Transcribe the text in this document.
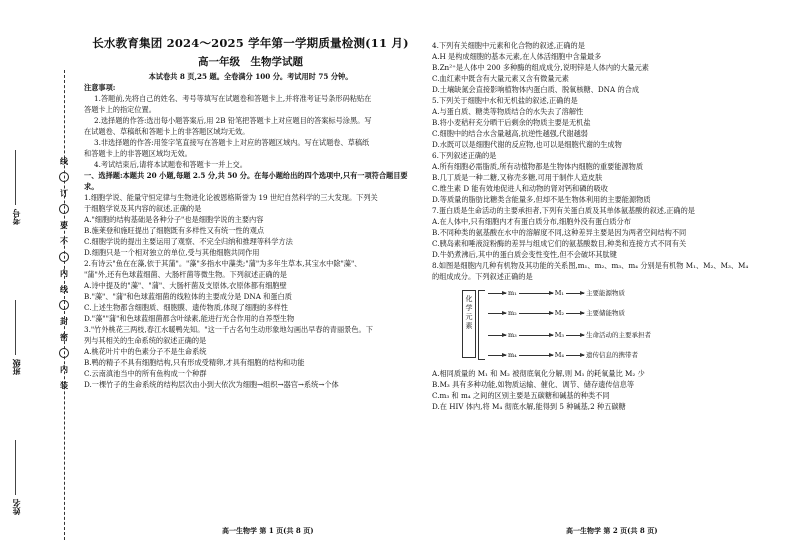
考号
班级
姓名
线
订
要
不
内
线
封
密
内
装
长水教育集团 2024～2025 学年第一学期质量检测(11 月)
高一年级　生物学试题
本试卷共 8 页,25 题。全卷满分 100 分。考试用时 75 分钟。

注意事项:

1.答题前,先将自己的姓名、考号等填写在试题卷和答题卡上,并将准考证号条形码粘贴在

答题卡上的指定位置。

2.选择题的作答:选出每小题答案后,用 2B 铅笔把答题卡上对应题目的答案标号涂黑。写

在试题卷、草稿纸和答题卡上的非答题区域均无效。

3.非选择题的作答:用签字笔直接写在答题卡上对应的答题区域内。写在试题卷、草稿纸

和答题卡上的非答题区域均无效。

4.考试结束后,请将本试题卷和答题卡一并上交。

一、选择题:本题共 20 小题,每题 2.5 分,共 50 分。在每小题给出的四个选项中,只有一项符合题目要求。

1.细胞学说、能量守恒定律与生物进化论被恩格斯誉为 19 世纪自然科学的三大发现。下列关

于细胞学说及其内容的叙述,正确的是

A."细胞的结构基础是各种分子"也是细胞学说的主要内容

B.施莱登和施旺提出了细胞既有多样性又有统一性的观点

C.细胞学说的提出主要运用了观察、不完全归纳和推理等科学方法

D.细胞只是一个相对独立的单位,受与其他细胞共同作用

2.有诗云"鱼在在藻,依于其蒲"。"藻"多指水中藻类;"蒲"为多年生草本,其宝水中除"藻"、

"蒲"外,还有色球蓝细菌、大肠杆菌等微生物。下列叙述正确的是

A.诗中提及的"藻"、"蒲"、大肠杆菌及支原体,衣原体都有细胞壁

B."藻"、"蒲"和色球蓝细菌的线粒体的主要成分是 DNA 和蛋白质

C.上述生物都含细胞质、细胞膜、遗传物质,体现了细胞的多样性

D."藻""蒲"和色球蓝细菌都含叶绿素,能进行光合作用的自养型生物

3."竹外桃花三两枝,春江水暖鸭先知。"这一千古名句生动形象地勾画出早春的青丽景色。下

列与其相关的生命系统的叙述正确的是

A.桃花叶片中的色素分子不是生命系统

B.鸭的精子不具有细胞结构,只有形成受精卵,才具有细胞的结构和功能

C.云南滇池当中的所有鱼构成一个种群

D.一棵竹子的生命系统的结构层次由小到大依次为细胞→组织→器官→系统→个体

4.下列有关细胞中元素和化合物的叙述,正确的是

A.H 是构成细胞的基本元素,在人体活细胞中含量最多

B.Zn²⁺是人体中 200 多种酶的组成成分,说明锌是人体内的大量元素

C.血红素中既含有大量元素又含有微量元素

D.土壤缺氮会直接影响植物体内蛋白质、脱氧核糖、DNA 的合成

5.下列关于细胞中水和无机盐的叙述,正确的是

A.与蛋白质、糖类等物质结合的水失去了溶解性

B.将小麦秸秆充分晒干后剩余的物质主要是无机盐

C.细胞中的结合水含量越高,抗逆性越强,代谢越弱

D.水既可以是细胞代谢的反应物,也可以是细胞代谢的生成物

6.下列叙述正确的是

A.所有细胞必需脂质,所有动植物都是生物体内细胞的重要能源物质

B.几丁质是一种二糖,又称壳多糖,可用于制作人造皮肤

C.维生素 D 能有效地促进人和动物的肾对钙和磷的吸收

D.等质量的脂肪比糖类含能量多,但却不是生物体利用的主要能源物质

7.蛋白质是生命活动的主要承担者,下列有关蛋白质及其单体氨基酸的叙述,正确的是

A.在人体中,只有细胞内才有蛋白质分布,细胞外没有蛋白质分布

B.不同种类的氨基酸在水中的溶解度不同,这种差异主要是因为两者空间结构不同

C.胰岛素和唾液淀粉酶的差异与组成它们的氨基酸数目,种类和连接方式不同有关

D.牛奶煮沸后,其中的蛋白质会变性变性,但不会破坏其肽键

8.如图是细胞内几种有机物及其功能的关系图,m₁、m₂、m₃、m₄ 分别是有机物 M₁、M₂、M₃、M₄

的组成成分。下列叙述正确的是

化学元素
m₁	M₁	主要能源物质
m₂	M₂	主要储能物质
m₃	M₃	生命活动的主要承担者
m₄	M₄	遗传信息的携带者

A.相同质量的 M₁ 和 M₂ 被彻底氧化分解,则 M₁ 的耗氧量比 M₂ 少

B.M₃ 具有多种功能,如物质运输、催化、调节、储存遗传信息等

C.m₃ 和 m₄ 之间的区别主要是五碳糖和碱基的种类不同

D.在 HIV 体内,将 M₄ 彻底水解,能得到 5 种碱基,2 种五碳糖

高一生物学 第 1 页(共 8 页)	高一生物学 第 2 页(共 8 页)
